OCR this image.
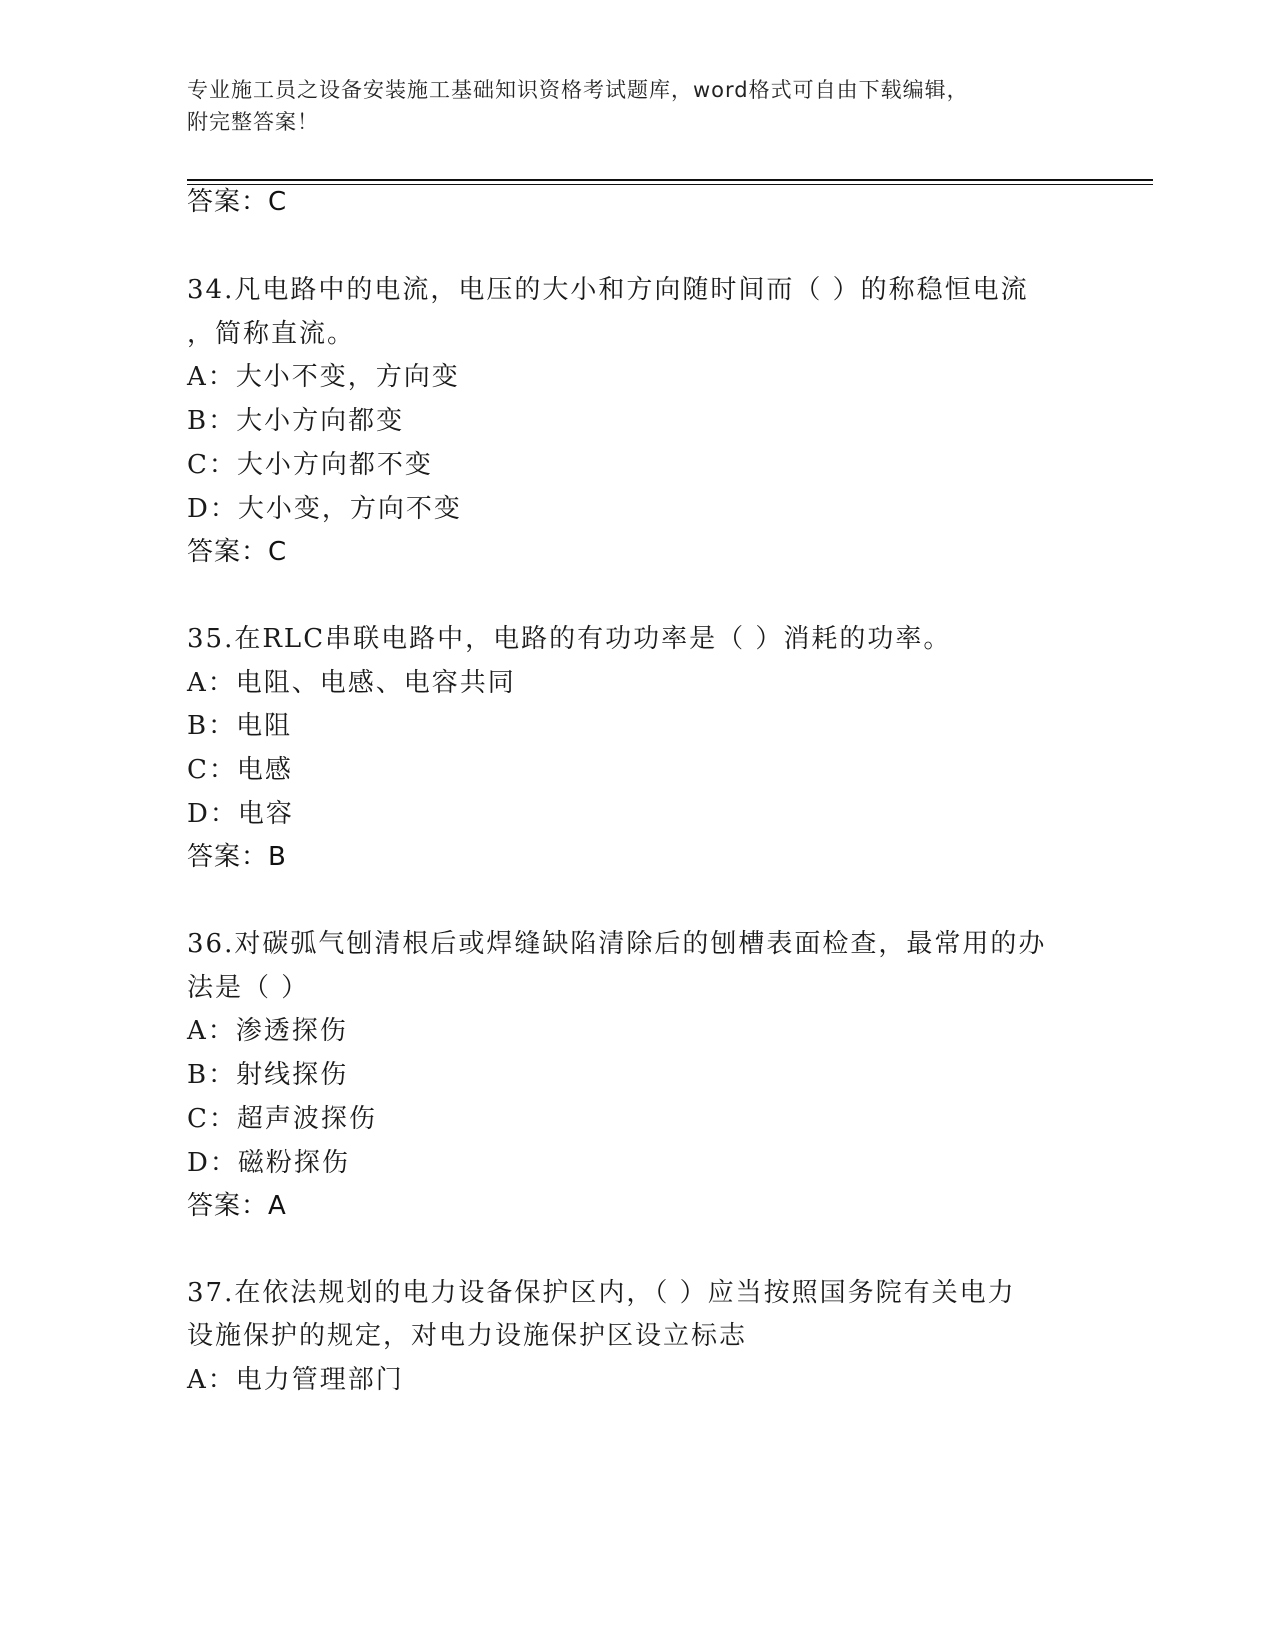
专业施工员之设备安装施工基础知识资格考试题库，word格式可自由下载编辑，
附完整答案！
答案：C
34.凡电路中的电流，电压的大小和方向随时间而（ ）的称稳恒电流
，简称直流。
A：大小不变，方向变
B：大小方向都变
C：大小方向都不变
D：大小变，方向不变
答案：C
35.在RLC串联电路中，电路的有功功率是（ ）消耗的功率。
A：电阻、电感、电容共同
B：电阻
C：电感
D：电容
答案：B
36.对碳弧气刨清根后或焊缝缺陷清除后的刨槽表面检查，最常用的办
法是（ ）
A：渗透探伤
B：射线探伤
C：超声波探伤
D：磁粉探伤
答案：A
37.在依法规划的电力设备保护区内，（ ）应当按照国务院有关电力
设施保护的规定，对电力设施保护区设立标志
A：电力管理部门
